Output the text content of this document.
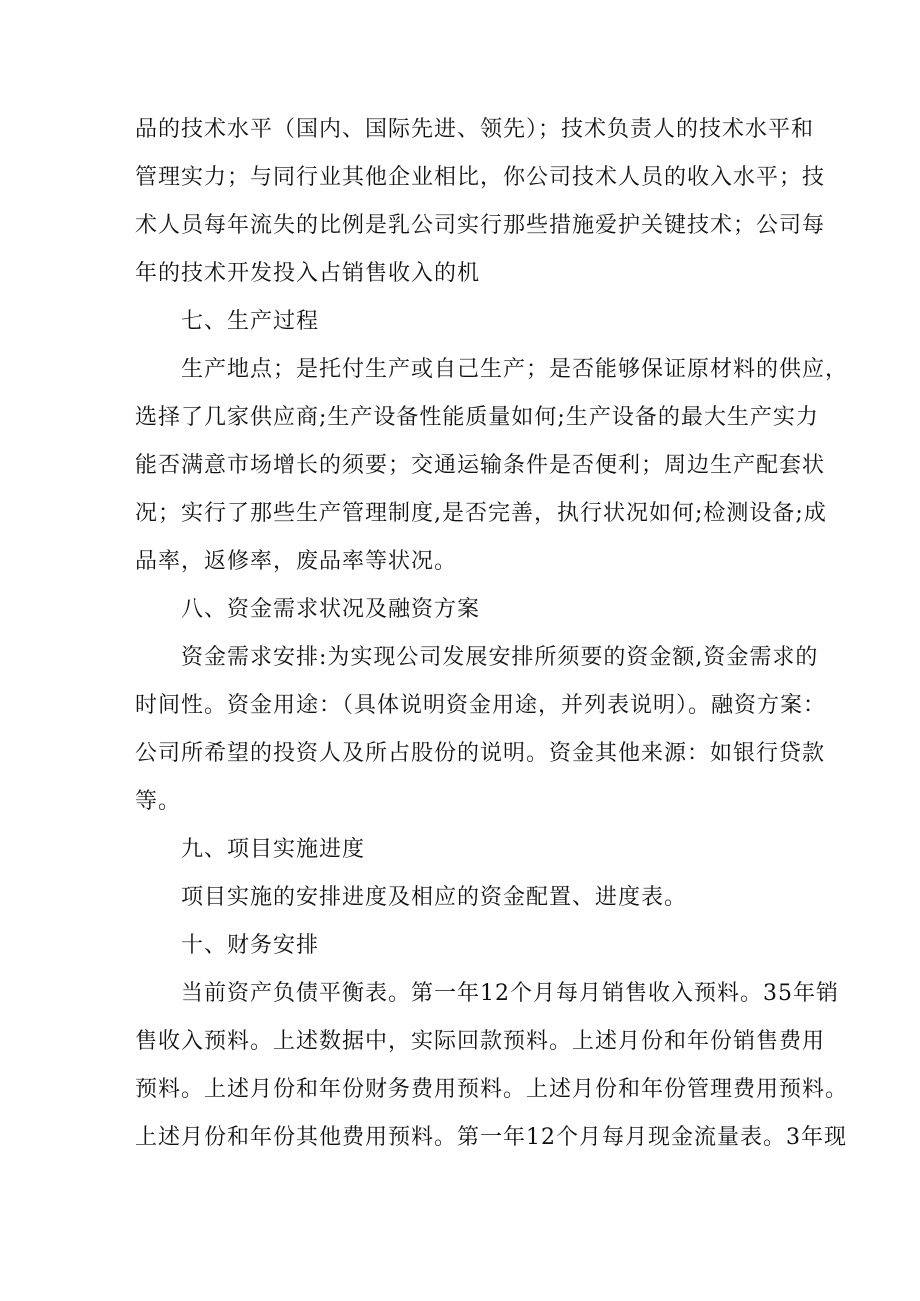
品的技术水平（国内、国际先进、领先）；技术负责人的技术水平和
管理实力；与同行业其他企业相比，你公司技术人员的收入水平；技
术人员每年流失的比例是乳公司实行那些措施爱护关键技术；公司每
年的技术开发投入占销售收入的机
七、生产过程
生产地点；是托付生产或自己生产；是否能够保证原材料的供应，
选择了几家供应商;生产设备性能质量如何;生产设备的最大生产实力
能否满意市场增长的须要；交通运输条件是否便利；周边生产配套状
况；实行了那些生产管理制度,是否完善，执行状况如何;检测设备;成
品率，返修率，废品率等状况。
八、资金需求状况及融资方案
资金需求安排:为实现公司发展安排所须要的资金额,资金需求的
时间性。资金用途：（具体说明资金用途，并列表说明）。融资方案：
公司所希望的投资人及所占股份的说明。资金其他来源：如银行贷款
等。
九、项目实施进度
项目实施的安排进度及相应的资金配置、进度表。
十、财务安排
当前资产负债平衡表。第一年12个月每月销售收入预料。35年销
售收入预料。上述数据中，实际回款预料。上述月份和年份销售费用
预料。上述月份和年份财务费用预料。上述月份和年份管理费用预料。
上述月份和年份其他费用预料。第一年12个月每月现金流量表。3年现
